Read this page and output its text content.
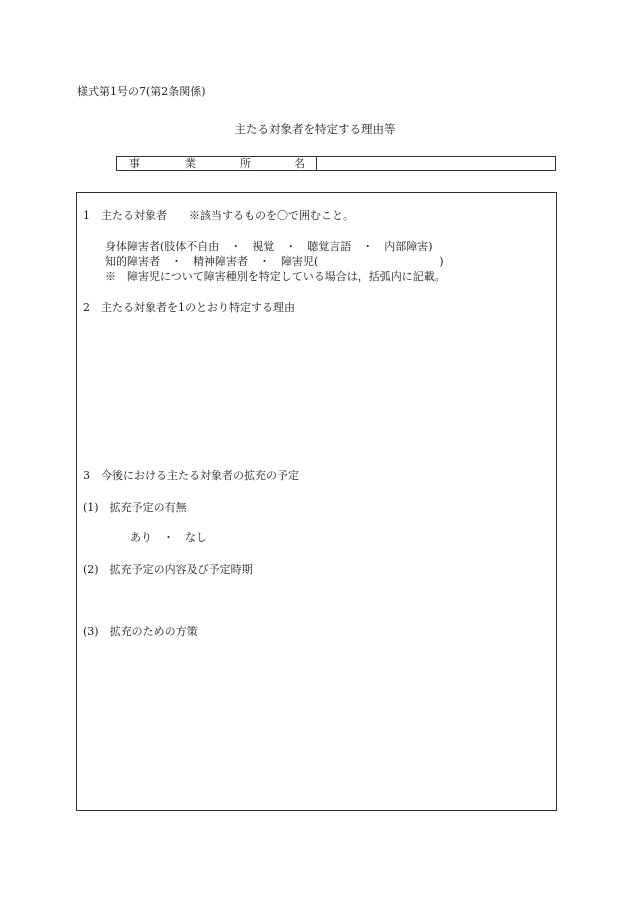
様式第1号の7(第2条関係)
主たる対象者を特定する理由等
事	業	所	名
1　主たる対象者　　※該当するものを〇で囲むこと。
身体障害者(肢体不自由　・　視覚　・　聴覚言語　・　内部障害)
知的障害者　・　精神障害者　・　障害児(　　　　　　　　　　　)
※　障害児について障害種別を特定している場合は，括弧内に記載。
2　主たる対象者を1のとおり特定する理由
3　今後における主たる対象者の拡充の予定
(1)　拡充予定の有無
あり　・　なし
(2)　拡充予定の内容及び予定時期
(3)　拡充のための方策
